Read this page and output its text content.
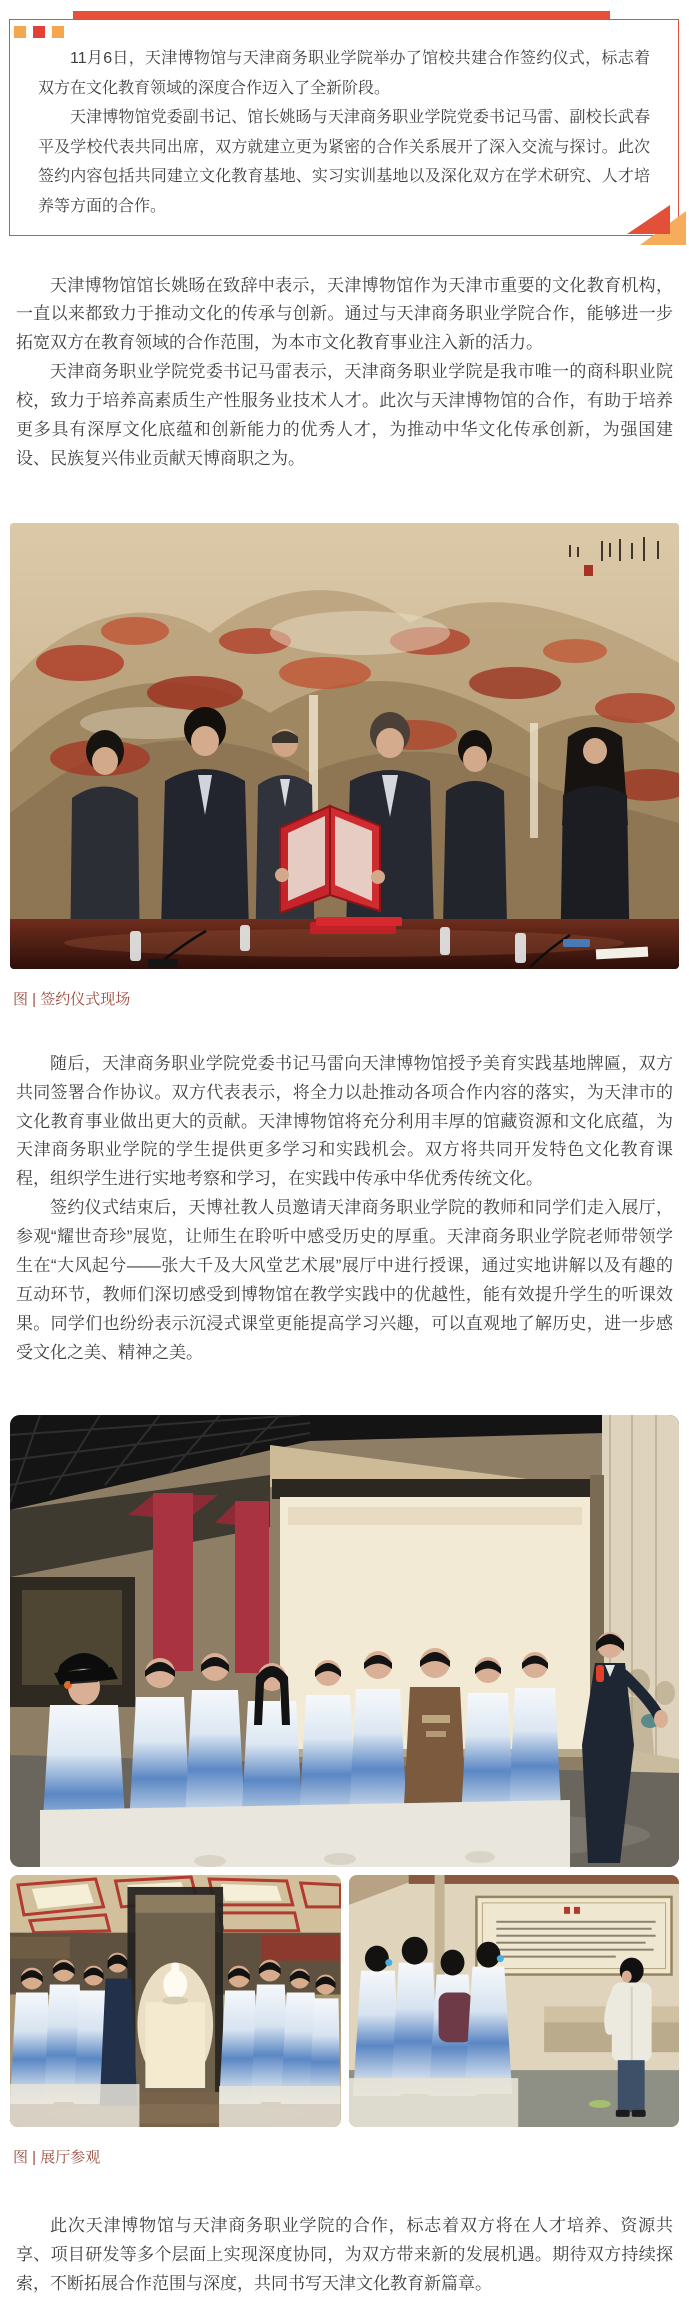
11月6日，天津博物馆与天津商务职业学院举办了馆校共建合作签约仪式，标志着双方在文化教育领域的深度合作迈入了全新阶段。

天津博物馆党委副书记、馆长姚旸与天津商务职业学院党委书记马雷、副校长武春平及学校代表共同出席，双方就建立更为紧密的合作关系展开了深入交流与探讨。此次签约内容包括共同建立文化教育基地、实习实训基地以及深化双方在学术研究、人才培养等方面的合作。

天津博物馆馆长姚旸在致辞中表示，天津博物馆作为天津市重要的文化教育机构，一直以来都致力于推动文化的传承与创新。通过与天津商务职业学院合作，能够进一步拓宽双方在教育领域的合作范围，为本市文化教育事业注入新的活力。

天津商务职业学院党委书记马雷表示，天津商务职业学院是我市唯一的商科职业院校，致力于培养高素质生产性服务业技术人才。此次与天津博物馆的合作，有助于培养更多具有深厚文化底蕴和创新能力的优秀人才，为推动中华文化传承创新，为强国建设、民族复兴伟业贡献天博商职之为。

图 | 签约仪式现场

随后，天津商务职业学院党委书记马雷向天津博物馆授予美育实践基地牌匾，双方共同签署合作协议。双方代表表示，将全力以赴推动各项合作内容的落实，为天津市的文化教育事业做出更大的贡献。天津博物馆将充分利用丰厚的馆藏资源和文化底蕴，为天津商务职业学院的学生提供更多学习和实践机会。双方将共同开发特色文化教育课程，组织学生进行实地考察和学习，在实践中传承中华优秀传统文化。

签约仪式结束后，天博社教人员邀请天津商务职业学院的教师和同学们走入展厅，参观“耀世奇珍”展览，让师生在聆听中感受历史的厚重。天津商务职业学院老师带领学生在“大风起兮——张大千及大风堂艺术展”展厅中进行授课，通过实地讲解以及有趣的互动环节，教师们深切感受到博物馆在教学实践中的优越性，能有效提升学生的听课效果。同学们也纷纷表示沉浸式课堂更能提高学习兴趣，可以直观地了解历史，进一步感受文化之美、精神之美。

图 | 展厅参观

此次天津博物馆与天津商务职业学院的合作，标志着双方将在人才培养、资源共享、项目研发等多个层面上实现深度协同，为双方带来新的发展机遇。期待双方持续探索，不断拓展合作范围与深度，共同书写天津文化教育新篇章。
